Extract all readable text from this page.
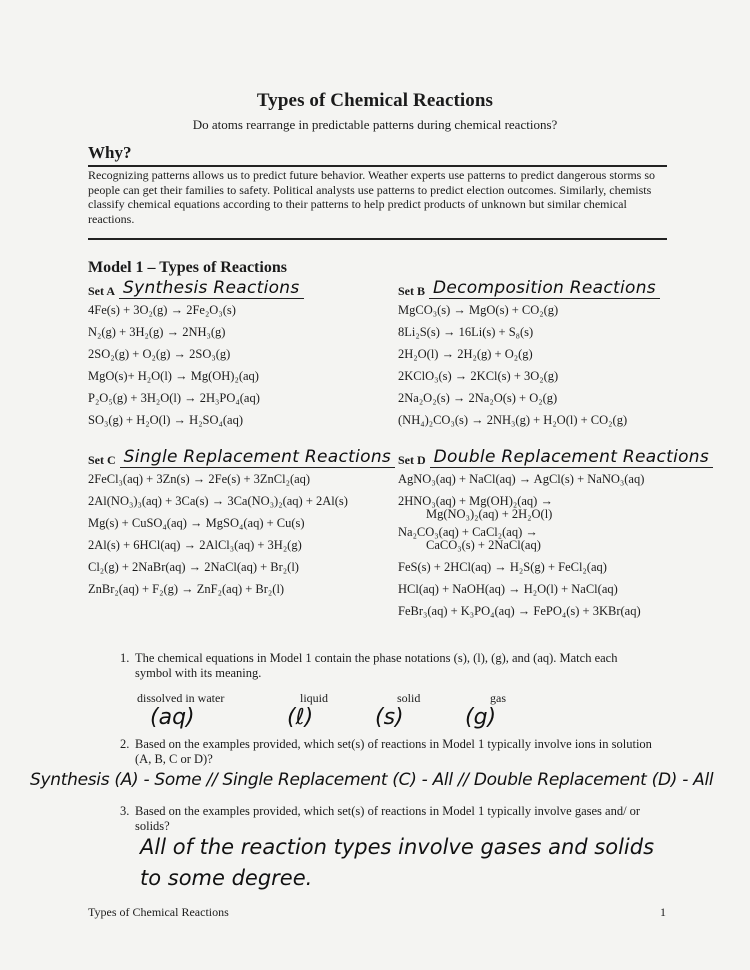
Types of Chemical Reactions
Do atoms rearrange in predictable patterns during chemical reactions?
Why?
Recognizing patterns allows us to predict future behavior. Weather experts use patterns to predict dangerous storms so people can get their families to safety. Political analysts use patterns to predict election outcomes. Similarly, chemists classify chemical equations according to their patterns to help predict products of unknown but similar chemical reactions.
Model 1 – Types of Reactions
Set A Synthesis Reactions
4Fe(s) + 3O₂(g) → 2Fe₂O₃(s)
N₂(g) + 3H₂(g) → 2NH₃(g)
2SO₂(g) + O₂(g) → 2SO₃(g)
MgO(s)+ H₂O(l) → Mg(OH)₂(aq)
P₂O₅(g) + 3H₂O(l) → 2H₃PO₄(aq)
SO₃(g) + H₂O(l) → H₂SO₄(aq)
Set B Decomposition Reactions
MgCO₃(s) → MgO(s) + CO₂(g)
8Li₂S(s) → 16Li(s) + S₈(s)
2H₂O(l) → 2H₂(g) + O₂(g)
2KClO₃(s) → 2KCl(s) + 3O₂(g)
2Na₂O₂(s) → 2Na₂O(s) + O₂(g)
(NH₄)₂CO₃(s) → 2NH₃(g) + H₂O(l) + CO₂(g)
Set C Single Replacement Reactions
2FeCl₃(aq) + 3Zn(s) → 2Fe(s) + 3ZnCl₂(aq)
2Al(NO₃)₃(aq) + 3Ca(s) → 3Ca(NO₃)₂(aq) + 2Al(s)
Mg(s) + CuSO₄(aq) → MgSO₄(aq) + Cu(s)
2Al(s) + 6HCl(aq) → 2AlCl₃(aq) + 3H₂(g)
Cl₂(g) + 2NaBr(aq) → 2NaCl(aq) + Br₂(l)
ZnBr₂(aq) + F₂(g) → ZnF₂(aq) + Br₂(l)
Set D Double Replacement Reactions
AgNO₃(aq) + NaCl(aq) → AgCl(s) + NaNO₃(aq)
2HNO₃(aq) + Mg(OH)₂(aq) →
Mg(NO₃)₂(aq) + 2H₂O(l)
Na₂CO₃(aq) + CaCl₂(aq) →
CaCO₃(s) + 2NaCl(aq)
FeS(s) + 2HCl(aq) → H₂S(g) + FeCl₂(aq)
HCl(aq) + NaOH(aq) → H₂O(l) + NaCl(aq)
FeBr₃(aq) + K₃PO₄(aq) → FePO₄(s) + 3KBr(aq)
1. The chemical equations in Model 1 contain the phase notations (s), (l), (g), and (aq). Match each symbol with its meaning.
dissolved in water	liquid	solid	gas
(aq)	(ℓ)	(s)	(g)
2. Based on the examples provided, which set(s) of reactions in Model 1 typically involve ions in solution (A, B, C or D)?
Synthesis (A) - Some // Single Replacement (C) - All // Double Replacement (D) - All
3. Based on the examples provided, which set(s) of reactions in Model 1 typically involve gases and/ or solids?
All of the reaction types involve gases and solids
to some degree.
Types of Chemical Reactions	1
